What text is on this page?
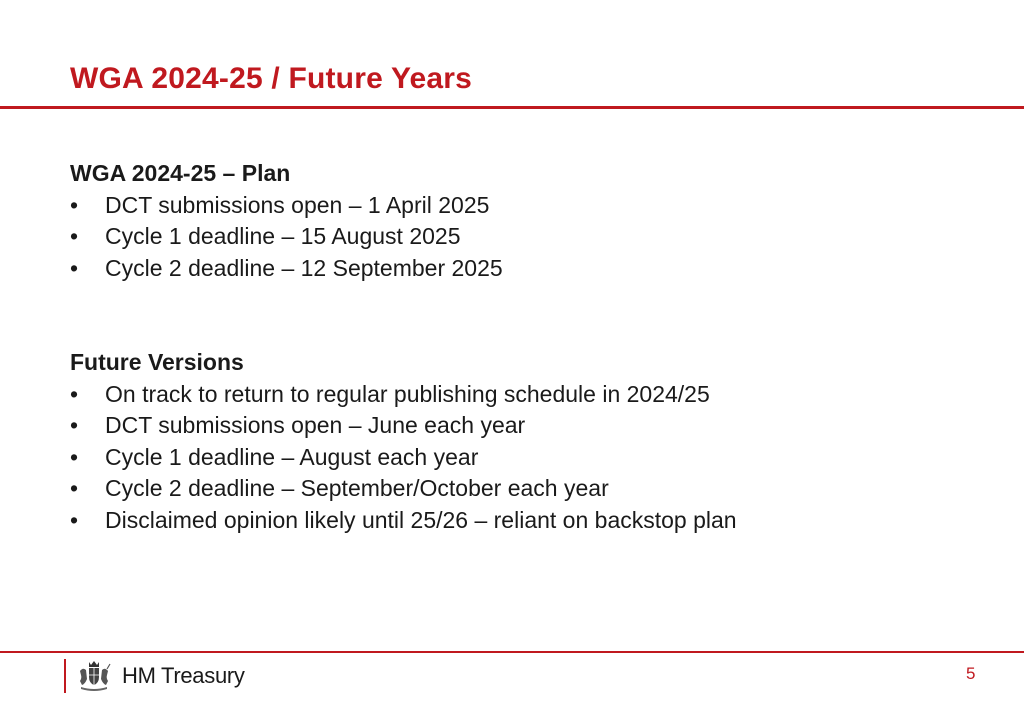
WGA 2024-25 / Future Years
WGA 2024-25 – Plan
• DCT submissions open – 1 April 2025
• Cycle 1 deadline – 15 August 2025
• Cycle 2 deadline – 12 September 2025
Future Versions
• On track to return to regular publishing schedule in 2024/25
• DCT submissions open – June each year
• Cycle 1 deadline – August each year
• Cycle 2 deadline – September/October each year
• Disclaimed opinion likely until 25/26 – reliant on backstop plan
HM Treasury	5
